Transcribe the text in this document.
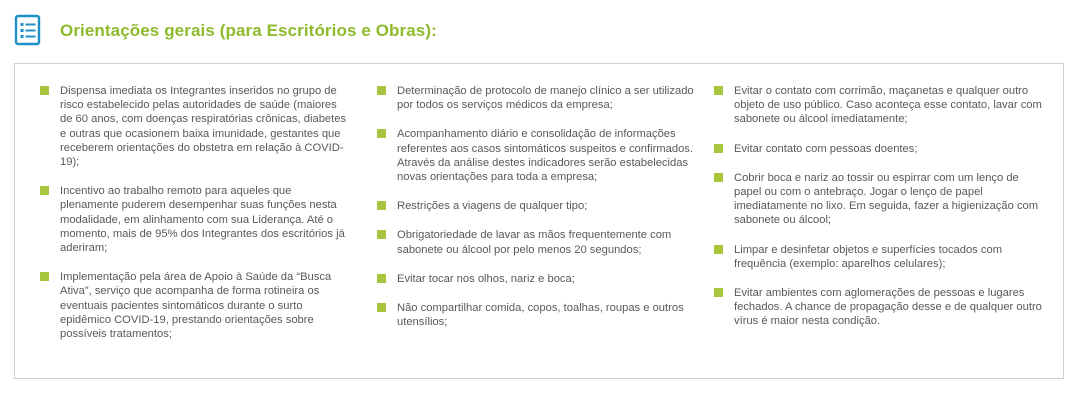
Orientações gerais (para Escritórios e Obras):
Dispensa imediata os Integrantes inseridos no grupo de risco estabelecido pelas autoridades de saúde (maiores de 60 anos, com doenças respiratórias crônicas, diabetes e outras que ocasionem baixa imunidade, gestantes que receberem orientações do obstetra em relação à COVID-19);
Incentivo ao trabalho remoto para aqueles que plenamente puderem desempenhar suas funções nesta modalidade, em alinhamento com sua Liderança. Até o momento, mais de 95% dos Integrantes dos escritórios já aderiram;
Implementação pela área de Apoio à Saúde da “Busca Ativa”, serviço que acompanha de forma rotineira os eventuais pacientes sintomáticos durante o surto epidêmico COVID-19, prestando orientações sobre possíveis tratamentos;
Determinação de protocolo de manejo clínico a ser utilizado por todos os serviços médicos da empresa;
Acompanhamento diário e consolidação de informações referentes aos casos sintomáticos suspeitos e confirmados. Através da análise destes indicadores serão estabelecidas novas orientações para toda a empresa;
Restrições a viagens de qualquer tipo;
Obrigatoriedade de lavar as mãos frequentemente com sabonete ou álcool por pelo menos 20 segundos;
Evitar tocar nos olhos, nariz e boca;
Não compartilhar comida, copos, toalhas, roupas e outros utensílios;
Evitar o contato com corrimão, maçanetas e qualquer outro objeto de uso público. Caso aconteça esse contato, lavar com sabonete ou álcool imediatamente;
Evitar contato com pessoas doentes;
Cobrir boca e nariz ao tossir ou espirrar com um lenço de papel ou com o antebraço. Jogar o lenço de papel imediatamente no lixo. Em seguida, fazer a higienização com sabonete ou álcool;
Limpar e desinfetar objetos e superfícies tocados com frequência (exemplo: aparelhos celulares);
Evitar ambientes com aglomerações de pessoas e lugares fechados. A chance de propagação desse e de qualquer outro vírus é maior nesta condição.
